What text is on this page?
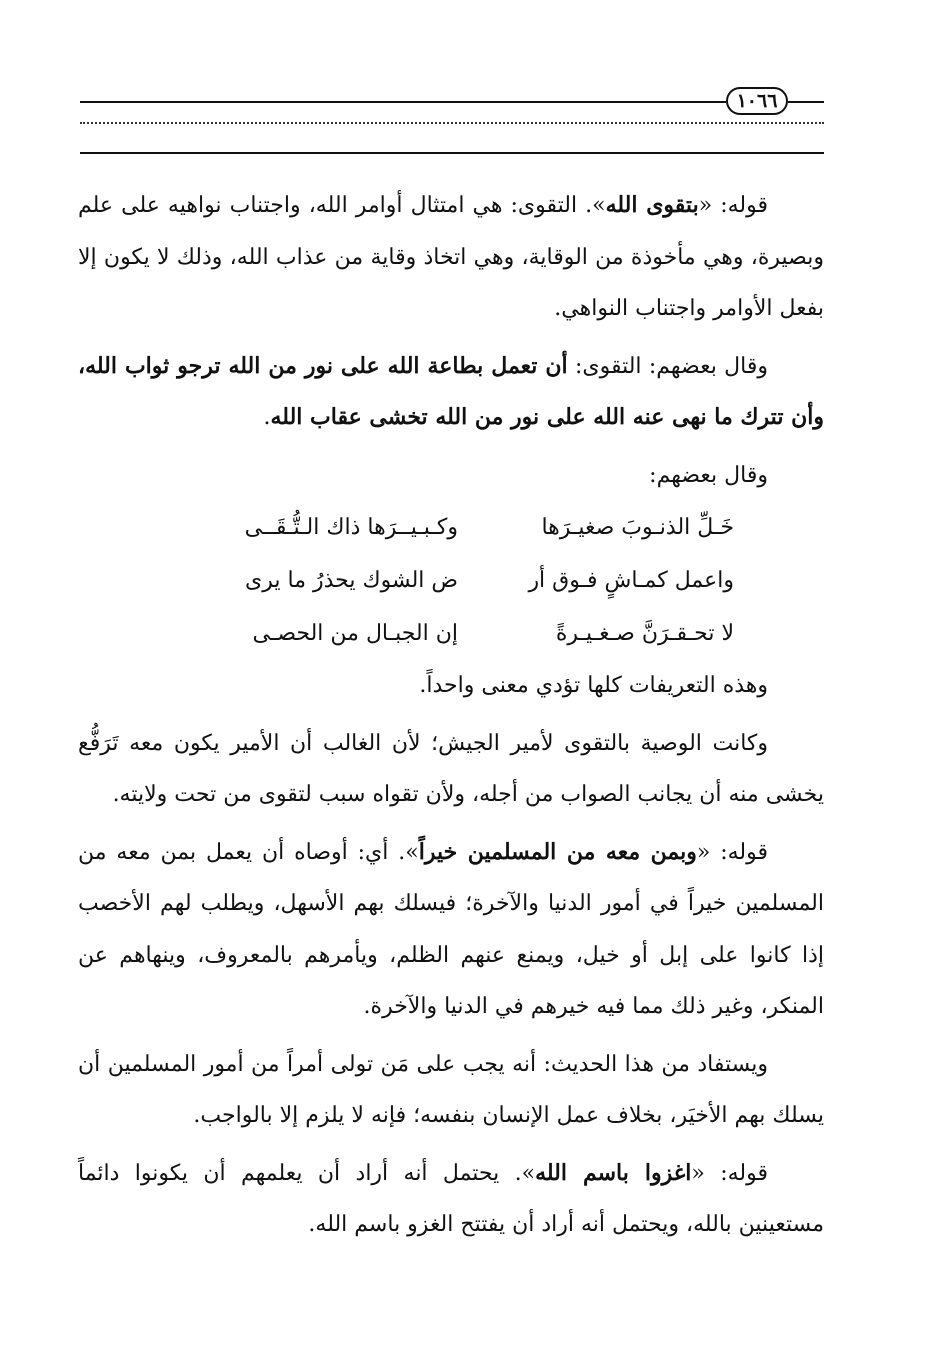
١٠٦٦

قوله: «بتقوى الله». التقوى: هي امتثال أوامر الله، واجتناب نواهيه على علم وبصيرة، وهي مأخوذة من الوقاية، وهي اتخاذ وقاية من عذاب الله، وذلك لا يكون إلا بفعل الأوامر واجتناب النواهي.

وقال بعضهم: التقوى: أن تعمل بطاعة الله على نور من الله ترجو ثواب الله، وأن تترك ما نهى عنه الله على نور من الله تخشى عقاب الله.

وقال بعضهم:

خَـلِّ الذنـوبَ صغيـرَها
وكـبـيــرَها ذاك الـتُّـقَــى
واعمل كمـاشٍ فـوق أر
ض الشوك يحذرُ ما يرى
لا تحـقـرَنَّ صـغـيـرةً
إن الجبـال من الحصـى

وهذه التعريفات كلها تؤدي معنى واحداً.

وكانت الوصية بالتقوى لأمير الجيش؛ لأن الغالب أن الأمير يكون معه تَرَفُّع يخشى منه أن يجانب الصواب من أجله، ولأن تقواه سبب لتقوى من تحت ولايته.

قوله: «وبمن معه من المسلمين خيراً». أي: أوصاه أن يعمل بمن معه من المسلمين خيراً في أمور الدنيا والآخرة؛ فيسلك بهم الأسهل، ويطلب لهم الأخصب إذا كانوا على إبل أو خيل، ويمنع عنهم الظلم، ويأمرهم بالمعروف، وينهاهم عن المنكر، وغير ذلك مما فيه خيرهم في الدنيا والآخرة.

ويستفاد من هذا الحديث: أنه يجب على مَن تولى أمراً من أمور المسلمين أن يسلك بهم الأخيَر، بخلاف عمل الإنسان بنفسه؛ فإنه لا يلزم إلا بالواجب.

قوله: «اغزوا باسم الله». يحتمل أنه أراد أن يعلمهم أن يكونوا دائماً مستعينين بالله، ويحتمل أنه أراد أن يفتتح الغزو باسم الله.
